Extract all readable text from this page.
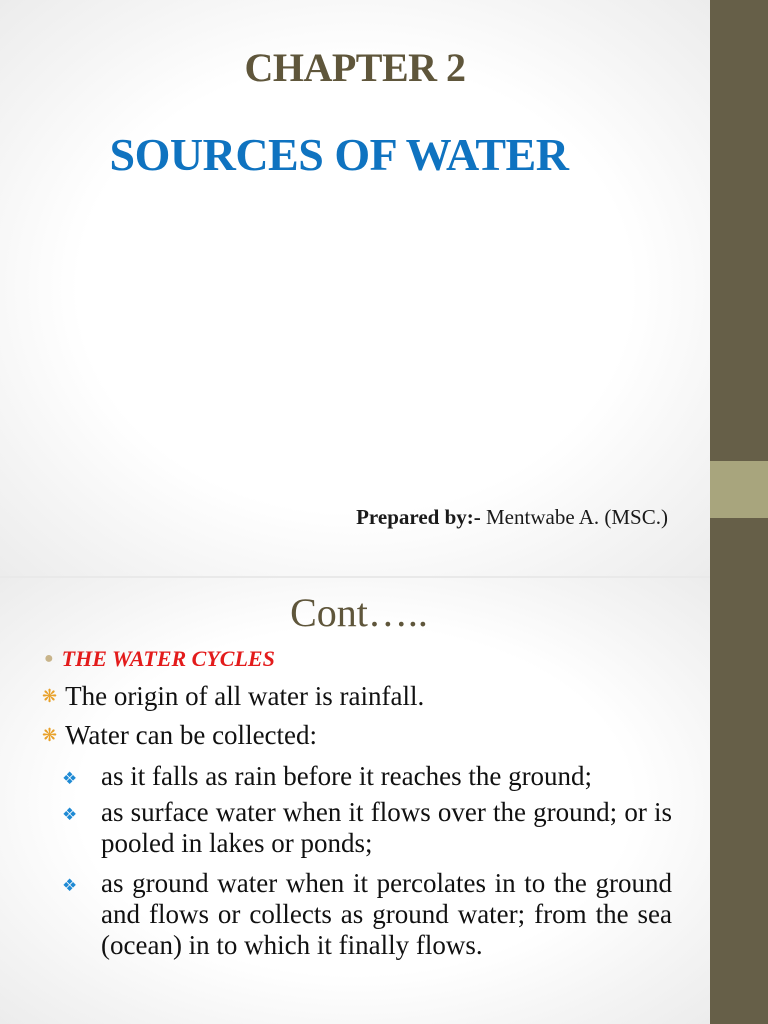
CHAPTER 2
SOURCES OF WATER
Prepared by:- Mentwabe A. (MSC.)
Cont…..
● THE WATER CYCLES
❋ The origin of all water is rainfall.
❋ Water can be collected:
❖ as it falls as rain before it reaches the ground;
❖ as surface water when it flows over the ground; or is pooled in lakes or ponds;
❖ as ground water when it percolates in to the ground and flows or collects as ground water; from the sea (ocean) in to which it finally flows.
